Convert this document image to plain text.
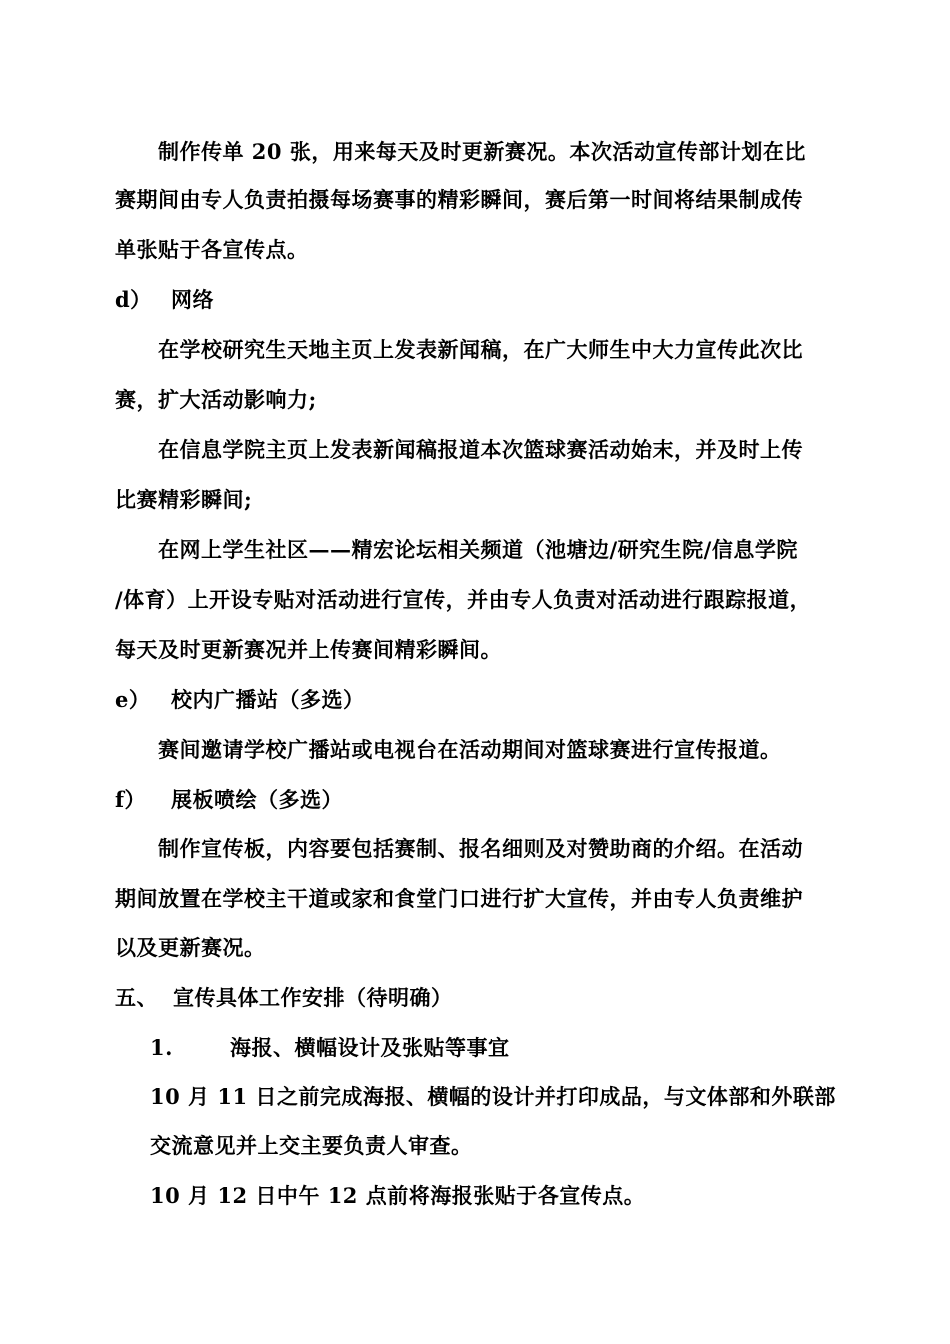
制作传单 20 张，用来每天及时更新赛况。本次活动宣传部计划在比
赛期间由专人负责拍摄每场赛事的精彩瞬间，赛后第一时间将结果制成传
单张贴于各宣传点。
d） 网络
在学校研究生天地主页上发表新闻稿，在广大师生中大力宣传此次比
赛，扩大活动影响力;
在信息学院主页上发表新闻稿报道本次篮球赛活动始末，并及时上传
比赛精彩瞬间;
在网上学生社区——精宏论坛相关频道（池塘边/研究生院/信息学院
/体育）上开设专贴对活动进行宣传，并由专人负责对活动进行跟踪报道，
每天及时更新赛况并上传赛间精彩瞬间。
e） 校内广播站（多选）
赛间邀请学校广播站或电视台在活动期间对篮球赛进行宣传报道。
f） 展板喷绘（多选）
制作宣传板，内容要包括赛制、报名细则及对赞助商的介绍。在活动
期间放置在学校主干道或家和食堂门口进行扩大宣传，并由专人负责维护
以及更新赛况。
五、 宣传具体工作安排（待明确）
1.	海报、横幅设计及张贴等事宜
10 月 11 日之前完成海报、横幅的设计并打印成品，与文体部和外联部
交流意见并上交主要负责人审查。
10 月 12 日中午 12 点前将海报张贴于各宣传点。
